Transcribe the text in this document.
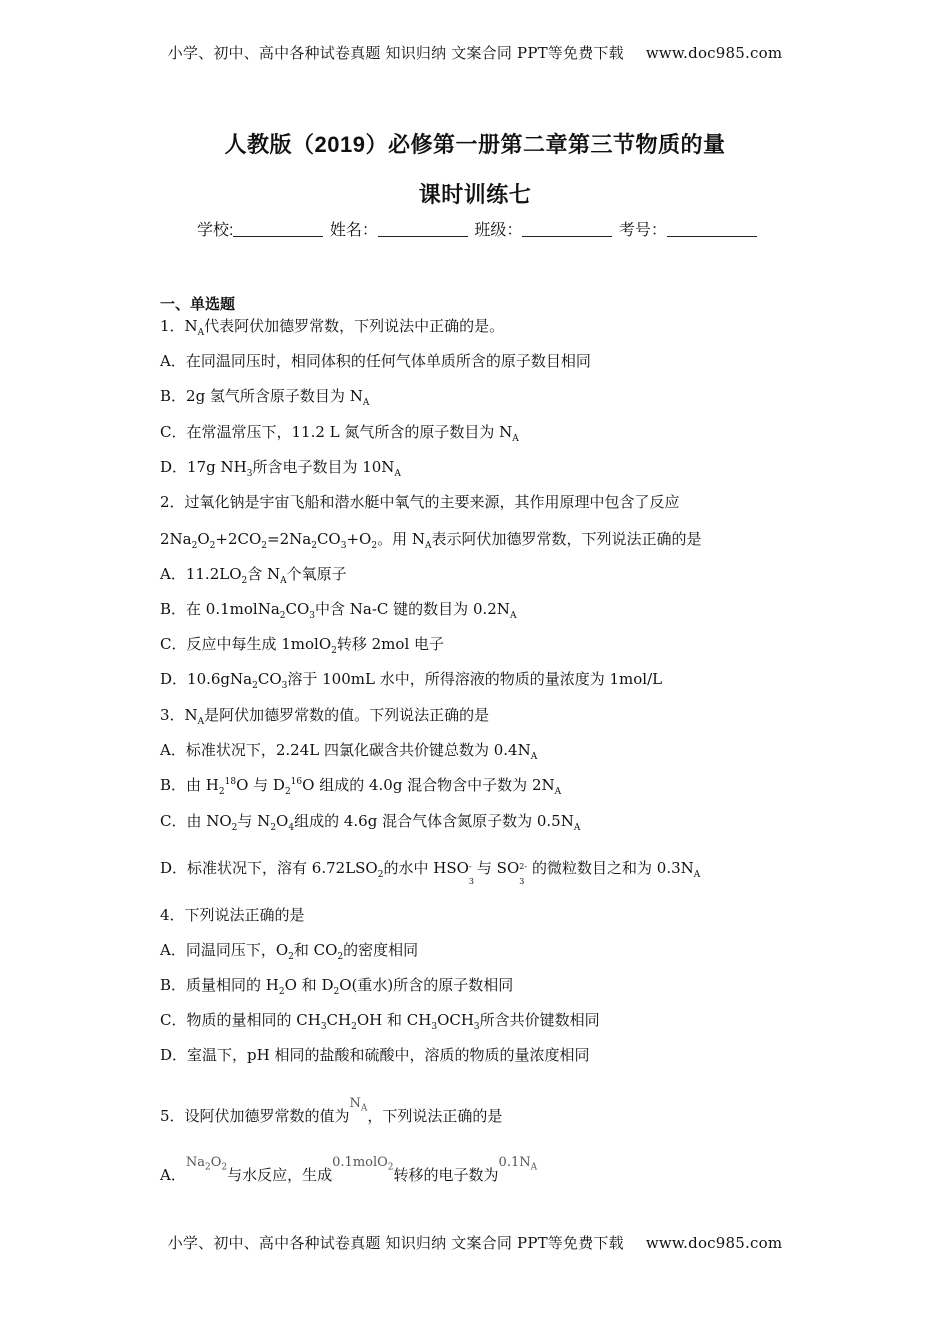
小学、初中、高中各种试卷真题 知识归纳 文案合同 PPT等免费下载 www.doc985.com
人教版（2019）必修第一册第二章第三节物质的量
课时训练七
学校:	姓名：	班级：	考号：
一、单选题
1．$N_A$代表阿伏加德罗常数，下列说法中正确的是。
A．在同温同压时，相同体积的任何气体单质所含的原子数目相同
B．2g 氢气所含原子数目为 $N_A$
C．在常温常压下，11.2 L 氮气所含的原子数目为 $N_A$
D．17g $NH_3$所含电子数目为 $10N_A$
2．过氧化钠是宇宙飞船和潜水艇中氧气的主要来源，其作用原理中包含了反应
$2Na_2O_2+2CO_2=2Na_2CO_3+O_2$。用 $N_A$表示阿伏加德罗常数，下列说法正确的是
A．$11.2LO_2$含 $N_A$个氧原子
B．在 $0.1molNa_2CO_3$中含 Na-C 键的数目为 $0.2N_A$
C．反应中每生成 1molO$_2$转移 2mol 电子
D．$10.6gNa_2CO_3$溶于 100mL 水中，所得溶液的物质的量浓度为 1mol/L
3．$N_A$是阿伏加德罗常数的值。下列说法正确的是
A．标准状况下，2.24L 四氯化碳含共价键总数为 $0.4N_A$
B．由 $H_2^{18}O$ 与 $D_2^{16}O$ 组成的 4.0g 混合物含中子数为 $2N_A$
C．由 $NO_2$与 $N_2O_4$组成的 4.6g 混合气体含氮原子数为 $0.5N_A$
D．标准状况下，溶有 $6.72LSO_2$的水中 HSO -
3
与 SO 2-
3
的微粒数目之和为 $0.3N_A$
4．下列说法正确的是
A．同温同压下，$O_2$和 $CO_2$的密度相同
B．质量相同的 $H_2O$ 和 $D_2O$(重水)所含的原子数相同
C．物质的量相同的 $CH_3CH_2OH$ 和 $CH_3OCH_3$所含共价键数相同
D．室温下，pH 相同的盐酸和硫酸中，溶质的物质的量浓度相同
5．设阿伏加德罗常数的值为$N_A$，下列说法正确的是
A．$Na_2O_2$与水反应，生成0.1molO$_2$转移的电子数为$0.1N_A$
小学、初中、高中各种试卷真题 知识归纳 文案合同 PPT等免费下载 www.doc985.com
